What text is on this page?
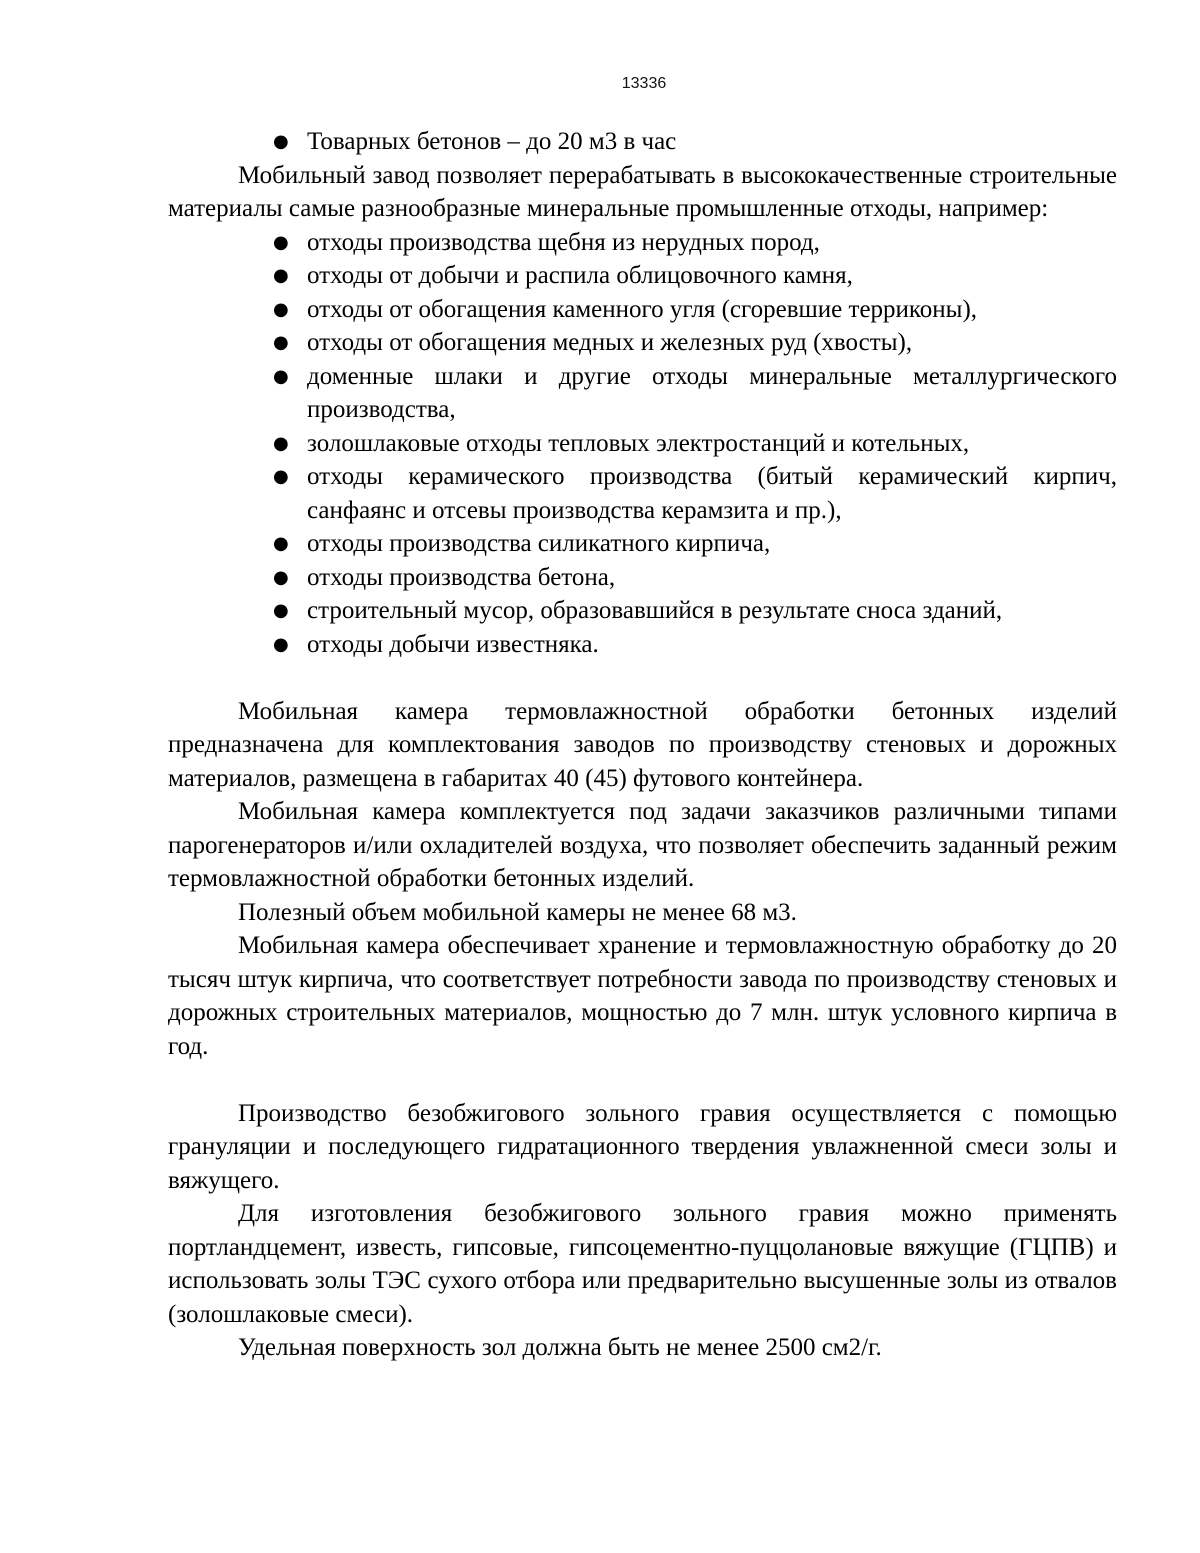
13336

● Товарных бетонов – до 20 м3 в час

Мобильный завод позволяет перерабатывать в высококачественные строительные материалы самые разнообразные минеральные промышленные отходы, например:

● отходы производства щебня из нерудных пород,

● отходы от добычи и распила облицовочного камня,

● отходы от обогащения каменного угля (сгоревшие терриконы),

● отходы от обогащения медных и железных руд (хвосты),

● доменные шлаки и другие отходы минеральные металлургического производства,

● золошлаковые отходы тепловых электростанций и котельных,

● отходы керамического производства (битый керамический кирпич, санфаянс и отсевы производства керамзита и пр.),

● отходы производства силикатного кирпича,

● отходы производства бетона,

● строительный мусор, образовавшийся в результате сноса зданий,

● отходы добычи известняка.

Мобильная камера термовлажностной обработки бетонных изделий предназначена для комплектования заводов по производству стеновых и дорожных материалов, размещена в габаритах 40 (45) футового контейнера.

Мобильная камера комплектуется под задачи заказчиков различными типами парогенераторов и/или охладителей воздуха, что позволяет обеспечить заданный режим термовлажностной обработки бетонных изделий.

Полезный объем мобильной камеры не менее 68 м3.

Мобильная камера обеспечивает хранение и термовлажностную обработку до 20 тысяч штук кирпича, что соответствует потребности завода по производству стеновых и дорожных строительных материалов, мощностью до 7 млн. штук условного кирпича в год.

Производство безобжигового зольного гравия осуществляется с помощью грануляции и последующего гидратационного твердения увлажненной смеси золы и вяжущего.

Для изготовления безобжигового зольного гравия можно применять портландцемент, известь, гипсовые, гипсоцементно-пуццолановые вяжущие (ГЦПВ) и использовать золы ТЭС сухого отбора или предварительно высушенные золы из отвалов (золошлаковые смеси).

Удельная поверхность зол должна быть не менее 2500 см2/г.
